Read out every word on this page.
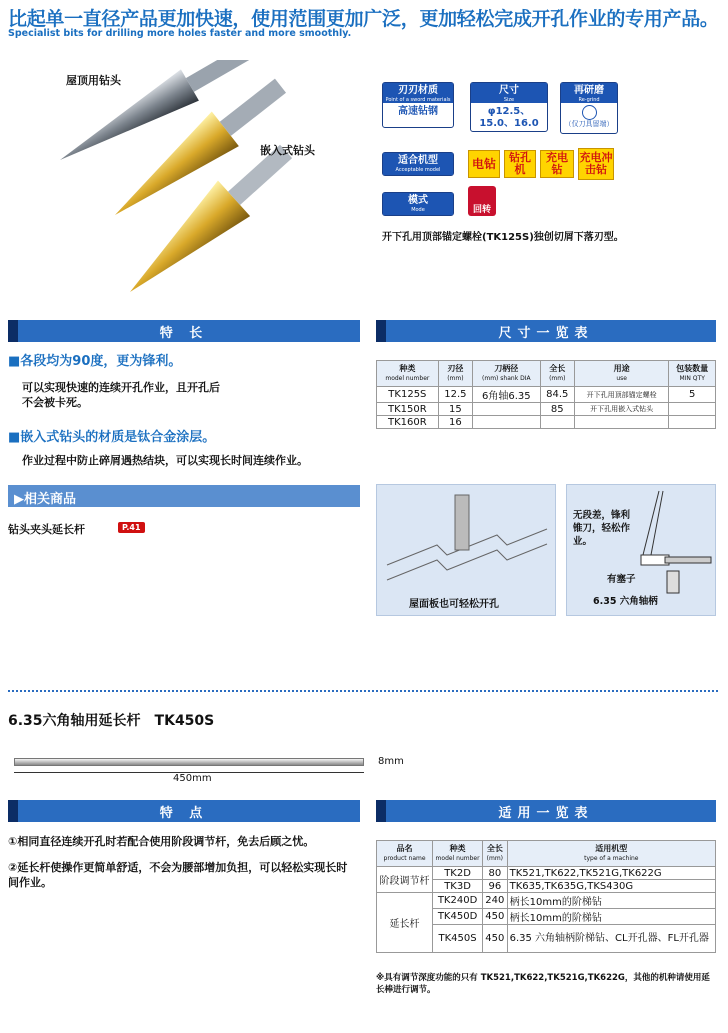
比起单一直径产品更加快速，使用范围更加广泛，更加轻松完成开孔作业的专用产品。
Specialist bits for drilling more holes faster and more smoothly.
屋顶用钻头
嵌入式钻头
刃刃材质
Point of a sword materials
高速钻钢
尺寸
Size
φ12.5、15.0、16.0
再研磨
Re-grind
（仅刀具留端）
适合机型
Acceptable model	电钻	钻孔机
充电钻
充电冲击钻
模式
Mode	回转
开下孔用顶部锚定螺栓(TK125S)独创切屑下落刃型。
特 长
■各段均为90度，更为锋利。
可以实现快速的连续开孔作业，且开孔后不会被卡死。
■嵌入式钻头的材质是钛合金涂层。
作业过程中防止碎屑遇热结块，可以实现长时间连续作业。
▶相关商品
钻头夹头延长杆	P.41
尺寸一览表
种类
model number	刃径
(mm)	刀柄径
(mm) shank DIA	全长
(mm)	用途
use	包装数量
MIN QTY
TK125S	12.5	6角轴6.35	84.5	开下孔用顶部锚定螺栓	5
TK150R	15		85	开下孔用嵌入式钻头	
TK160R	16				
屋面板也可轻松开孔
无段差，锋利锥刀，轻松作业。
有塞子
6.35 六角轴柄
6.35六角轴用延长杆　TK450S
450mm
8mm
特 点
①相同直径连续开孔时若配合使用阶段调节杆，免去后顾之忧。
②延长杆使操作更简单舒适，不会为腰部增加负担，可以轻松实现长时间作业。
适用一览表
品名
product name	种类
model number	全长
(mm)	适用机型
type of a machine
阶段调节杆	TK2D	80	TK521,TK622,TK521G,TK622G
	TK3D	96	TK635,TK635G,TKS430G
延长杆	TK240D	240	柄长10mm的阶梯钻
	TK450D	450	柄长10mm的阶梯钻
	TK450S	450	6.35 六角轴柄阶梯钻、CL开孔器、FL开孔器
※具有调节深度功能的只有 TK521,TK622,TK521G,TK622G，其他的机种请使用延长棒进行调节。
